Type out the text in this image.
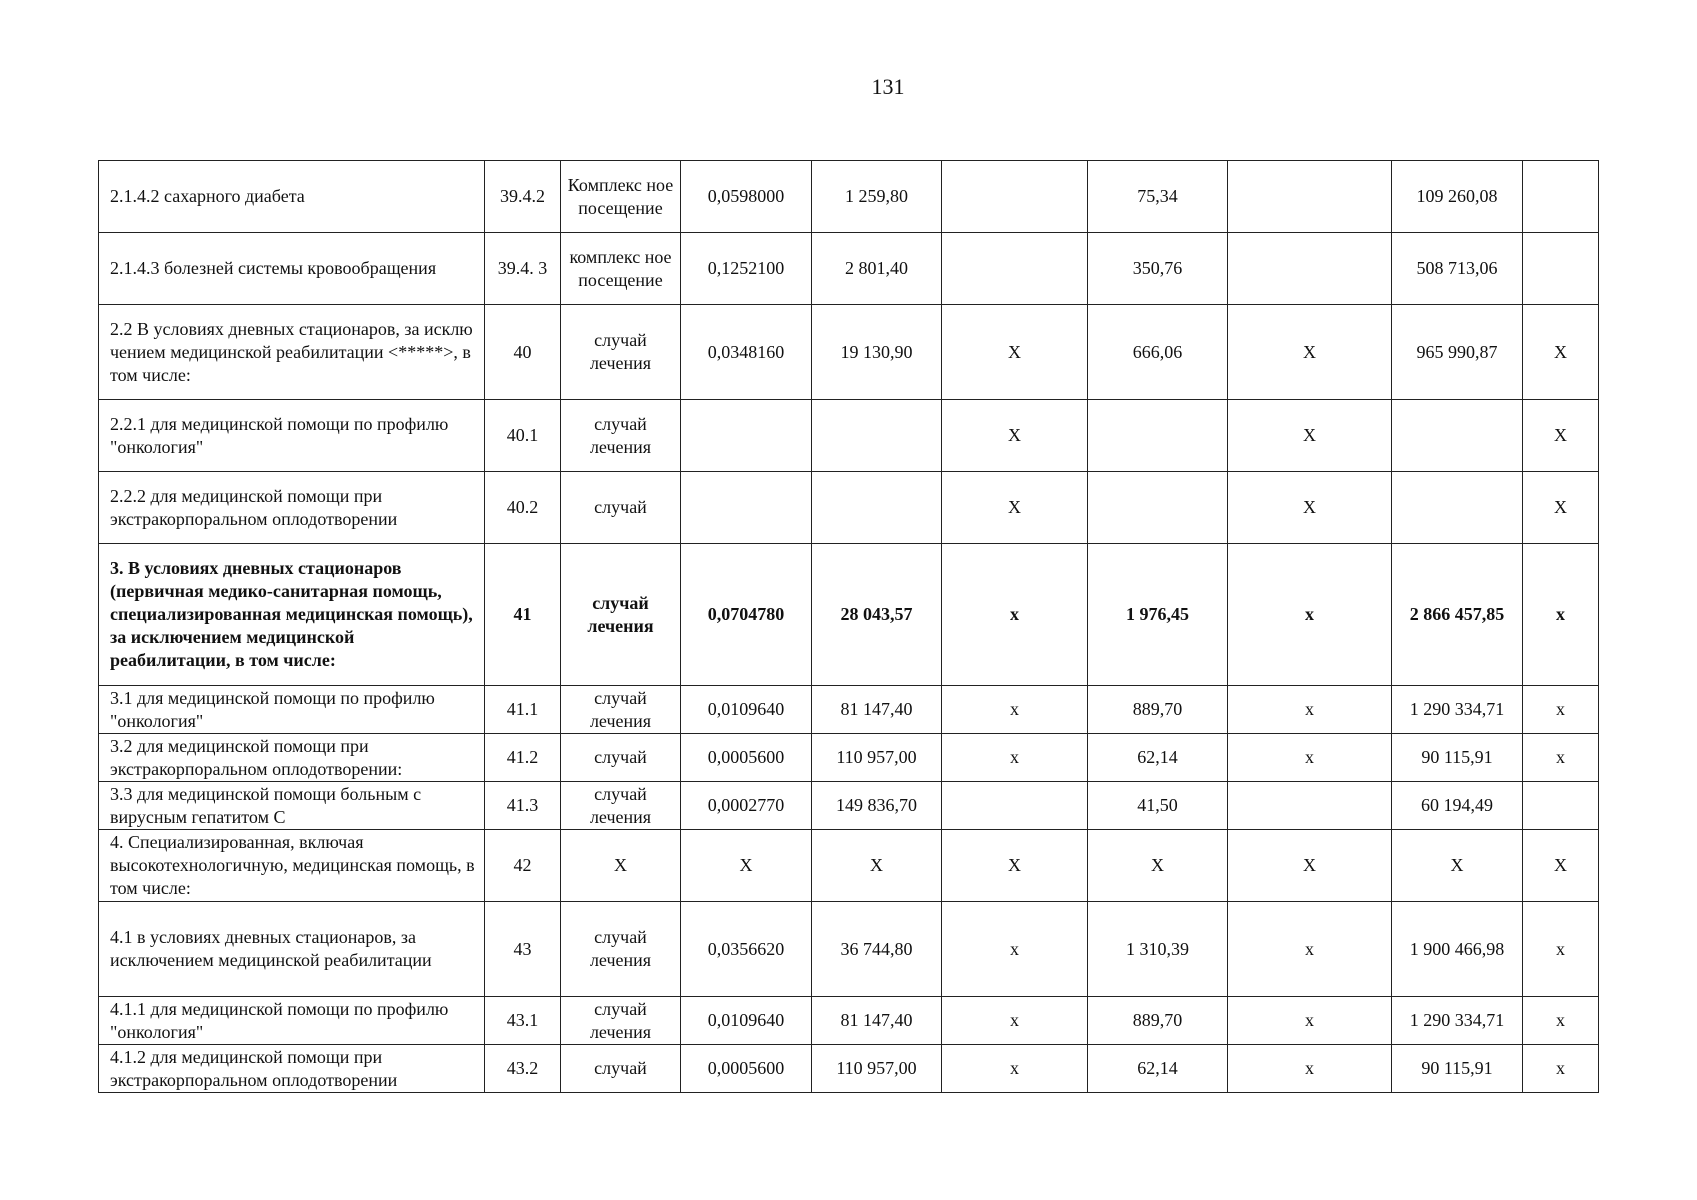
131
2.1.4.2 сахарного диабета	39.4.2	Комплекс ное посещение	0,0598000	1 259,80		75,34		109 260,08	
2.1.4.3 болезней системы кровообращения	39.4. 3	комплекс ное посещение	0,1252100	2 801,40		350,76		508 713,06	
2.2 В условиях дневных стационаров, за исклю чением медицинской реабилитации <*****>, в том числе:	40	случай лечения	0,0348160	19 130,90	X	666,06	X	965 990,87	X
2.2.1 для медицинской помощи по профилю "онкология"	40.1	случай лечения			X		X		X
2.2.2 для медицинской помощи при экстракорпоральном оплодотворении	40.2	случай			X		X		X
3. В условиях дневных стационаров (первичная медико-санитарная помощь, специализированная медицинская помощь), за исключением медицинской реабилитации, в том числе:	41	случай лечения	0,0704780	28 043,57	х	1 976,45	х	2 866 457,85	х
3.1 для медицинской помощи по профилю "онкология"	41.1	случай лечения	0,0109640	81 147,40	х	889,70	х	1 290 334,71	х
3.2 для медицинской помощи при экстракорпоральном оплодотворении:	41.2	случай	0,0005600	110 957,00	х	62,14	х	90 115,91	х
3.3 для медицинской помощи больным с вирусным гепатитом С	41.3	случай лечения	0,0002770	149 836,70		41,50		60 194,49	
4. Специализированная, включая высокотехнологичную, медицинская помощь, в том числе:	42	X	X	X	X	X	X	X	X
4.1 в условиях дневных стационаров, за исключением медицинской реабилитации	43	случай лечения	0,0356620	36 744,80	х	1 310,39	х	1 900 466,98	х
4.1.1 для медицинской помощи по профилю "онкология"	43.1	случай лечения	0,0109640	81 147,40	х	889,70	х	1 290 334,71	х
4.1.2 для медицинской помощи при экстракорпоральном оплодотворении	43.2	случай	0,0005600	110 957,00	х	62,14	х	90 115,91	х
